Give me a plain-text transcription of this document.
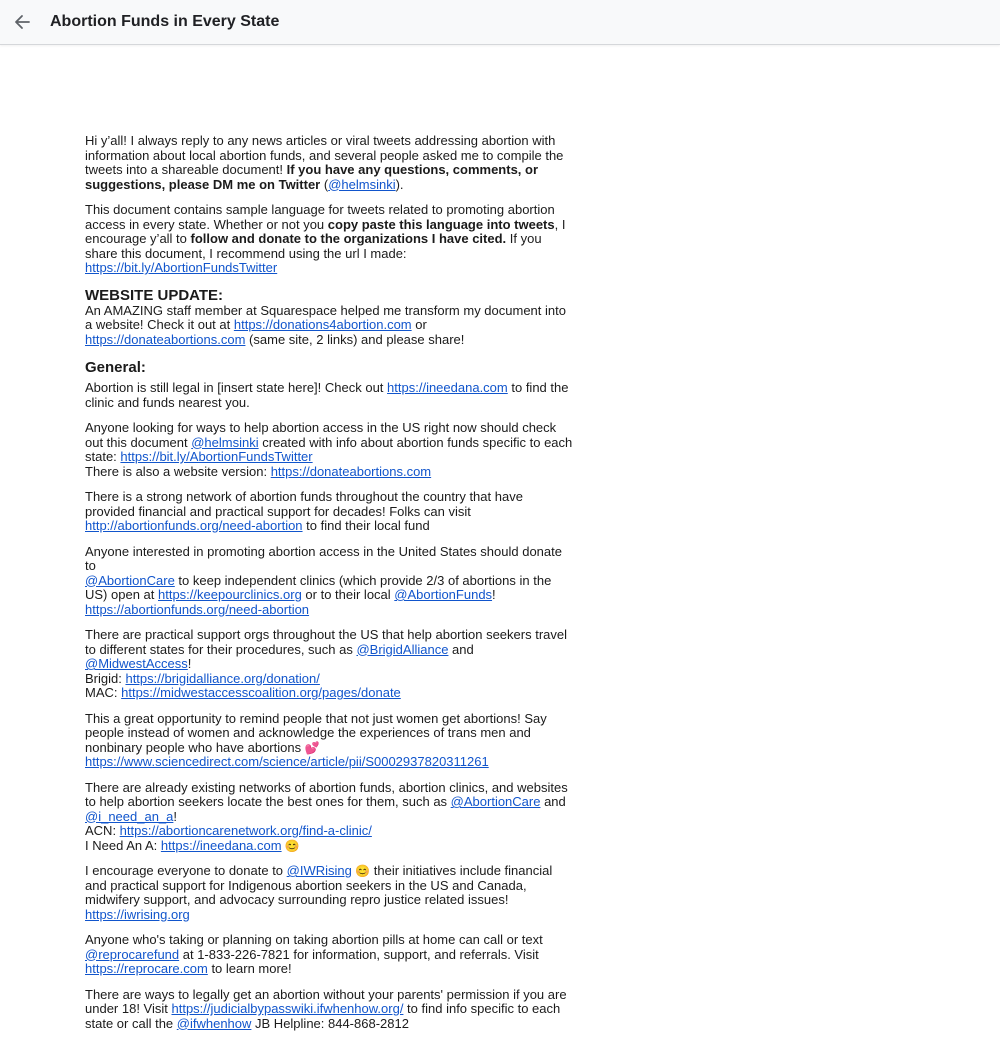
Abortion Funds in Every State

Hi y’all! I always reply to any news articles or viral tweets addressing abortion with information about local abortion funds, and several people asked me to compile the tweets into a shareable document! If you have any questions, comments, or suggestions, please DM me on Twitter (@helmsinki).

This document contains sample language for tweets related to promoting abortion access in every state. Whether or not you copy paste this language into tweets, I encourage y’all to follow and donate to the organizations I have cited. If you share this document, I recommend using the url I made:
https://bit.ly/AbortionFundsTwitter

WEBSITE UPDATE:

An AMAZING staff member at Squarespace helped me transform my document into a website! Check it out at https://donations4abortion.com or
https://donateabortions.com (same site, 2 links) and please share!

General:

Abortion is still legal in [insert state here]! Check out https://ineedana.com to find the clinic and funds nearest you.

Anyone looking for ways to help abortion access in the US right now should check out this document @helmsinki created with info about abortion funds specific to each state: https://bit.ly/AbortionFundsTwitter
There is also a website version: https://donateabortions.com

There is a strong network of abortion funds throughout the country that have provided financial and practical support for decades! Folks can visit
http://abortionfunds.org/need-abortion to find their local fund

Anyone interested in promoting abortion access in the United States should donate to
@AbortionCare to keep independent clinics (which provide 2/3 of abortions in the US) open at https://keepourclinics.org or to their local @AbortionFunds!
https://abortionfunds.org/need-abortion

There are practical support orgs throughout the US that help abortion seekers travel to different states for their procedures, such as @BrigidAlliance and
@MidwestAccess!
Brigid: https://brigidalliance.org/donation/
MAC: https://midwestaccesscoalition.org/pages/donate

This a great opportunity to remind people that not just women get abortions! Say people instead of women and acknowledge the experiences of trans men and nonbinary people who have abortions 💕
https://www.sciencedirect.com/science/article/pii/S0002937820311261

There are already existing networks of abortion funds, abortion clinics, and websites to help abortion seekers locate the best ones for them, such as @AbortionCare and
@i_need_an_a!
ACN: https://abortioncarenetwork.org/find-a-clinic/
I Need An A: https://ineedana.com 😊

I encourage everyone to donate to @IWRising 😊 their initiatives include financial and practical support for Indigenous abortion seekers in the US and Canada, midwifery support, and advocacy surrounding repro justice related issues! https://iwrising.org

Anyone who's taking or planning on taking abortion pills at home can call or text
@reprocarefund at 1-833-226-7821 for information, support, and referrals. Visit
https://reprocare.com to learn more!

There are ways to legally get an abortion without your parents' permission if you are under 18! Visit https://judicialbypasswiki.ifwhenhow.org/ to find info specific to each state or call the @ifwhenhow JB Helpline: 844-868-2812
